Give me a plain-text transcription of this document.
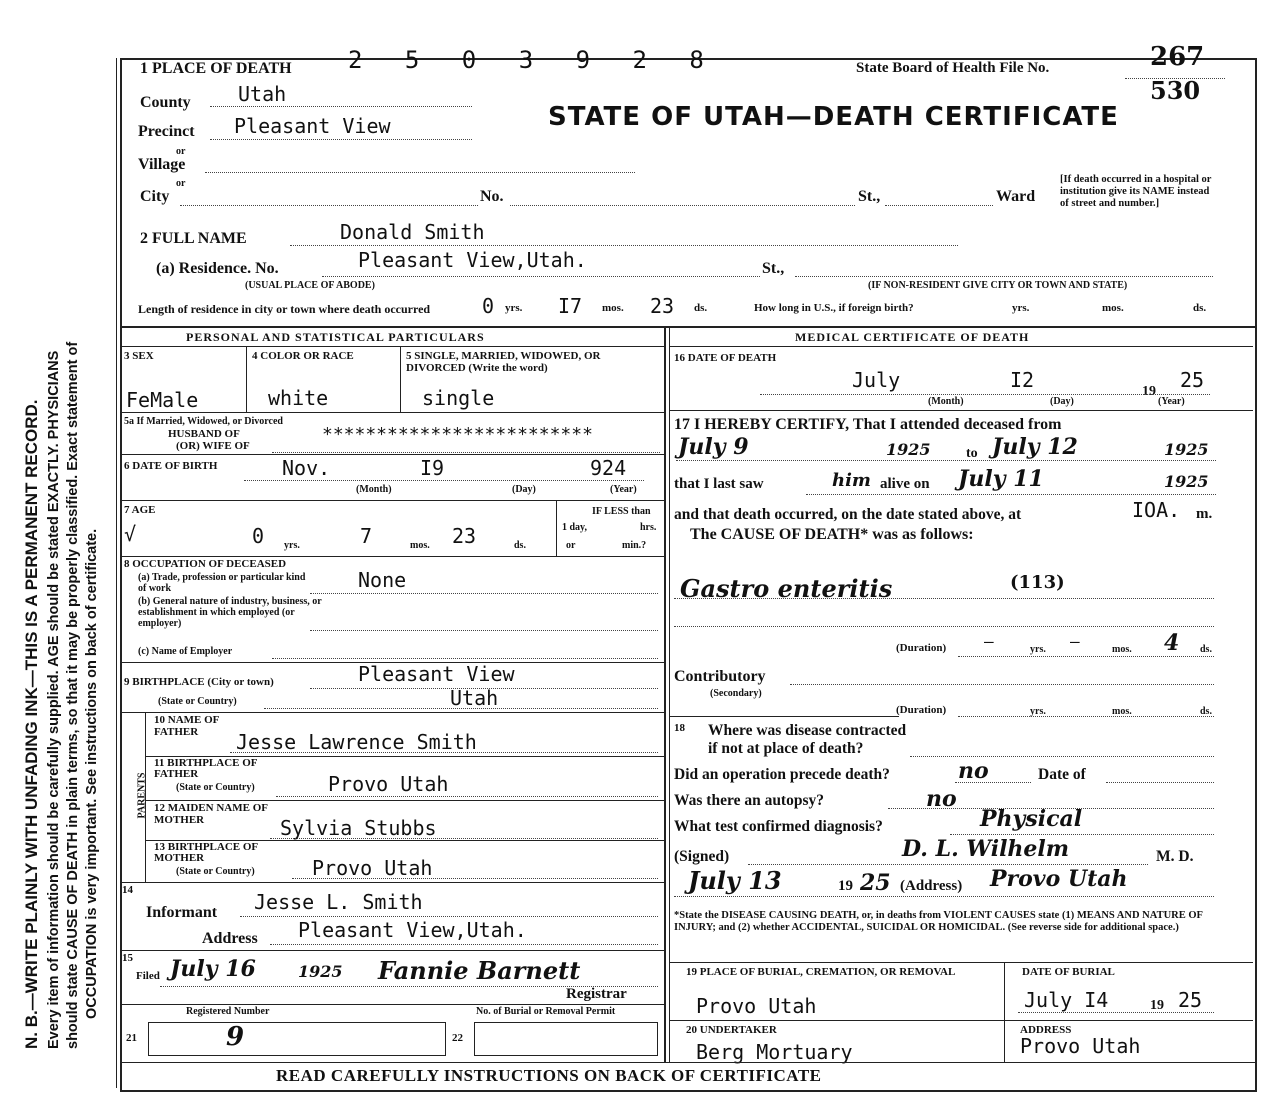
N. B.—WRITE PLAINLY WITH UNFADING INK—THIS IS A PERMANENT RECORD. Every item of information should be carefully supplied. AGE should be stated EXACTLY. PHYSICIANS should state CAUSE OF DEATH in plain terms, so that it may be properly classified. Exact statement of OCCUPATION is very important. See instructions on back of certificate.
1 PLACE OF DEATH 2 5 0 3 9 2 8	State Board of Health File No.	267
530
STATE OF UTAH—DEATH CERTIFICATE
County Utah
Precinct Pleasant View
or
Village
or
City	No.	St.,	Ward
[If death occurred in a hospital or institution give its NAME instead of street and number.]
2 FULL NAME	Donald Smith
(a) Residence. No.	Pleasant View,Utah.	St.,
(USUAL PLACE OF ABODE)	(IF NON-RESIDENT GIVE CITY OR TOWN AND STATE)
Length of residence in city or town where death occurred	0 yrs. I7 mos. 23 ds.	How long in U.S., if foreign birth?	yrs.	mos.	ds.
PERSONAL AND STATISTICAL PARTICULARS
3 SEX	4 COLOR OR RACE	5 SINGLE, MARRIED, WIDOWED, OR DIVORCED (Write the word)
FeMale	white	single
5a If Married, Widowed, or Divorced
HUSBAND OF
(OR) WIFE OF
*************************
6 DATE OF BIRTH	Nov.	I9	924
(Month)	(Day)	(Year)
7 AGE
√	0 yrs.	7	mos. 23	ds.
IF LESS than
1 day,	hrs.
or	min.?
8 OCCUPATION OF DECEASED
(a) Trade, profession or particular kind of work	None
(b) General nature of industry, business, or establishment in which employed (or employer)
(c) Name of Employer
9 BIRTHPLACE (City or town)	Pleasant View
(State or Country)	Utah
PARENTS
10 NAME OF FATHER	Jesse Lawrence Smith
11 BIRTHPLACE OF FATHER
(State or Country)	Provo Utah
12 MAIDEN NAME OF MOTHER	Sylvia Stubbs
13 BIRTHPLACE OF MOTHER
(State or Country)	Provo Utah
14
Informant Jesse L. Smith
Address Pleasant View,Utah.
15
Filed July 16	1925 Fannie Barnett
Registrar
Registered Number	No. of Burial or Removal Permit
21	9	22
MEDICAL CERTIFICATE OF DEATH
16 DATE OF DEATH
July	I2	19 25
(Month)	(Day)	(Year)
17 I HEREBY CERTIFY, That I attended deceased from
July 9	1925	to July 12	1925
that I last saw	him alive on July 11	1925
and that death occurred, on the date stated above, at	IOA. m.
The CAUSE OF DEATH* was as follows:
Gastro enteritis	(113)
(Duration) —	yrs. —	mos. 4 ds.
Contributory
(Secondary)
(Duration)	yrs.	mos.	ds.
18 Where was disease contracted
if not at place of death?
Did an operation precede death?	no	Date of
Was there an autopsy?	no
What test confirmed diagnosis?	Physical
(Signed)	D. L. Wilhelm	M. D.
July 13	19 25 (Address) Provo Utah
*State the DISEASE CAUSING DEATH, or, in deaths from VIOLENT CAUSES state (1) MEANS AND NATURE OF INJURY; and (2) whether ACCIDENTAL, SUICIDAL OR HOMICIDAL. (See reverse side for additional space.)
19 PLACE OF BURIAL, CREMATION, OR REMOVAL	DATE OF BURIAL
Provo Utah	July I4	19 25
20 UNDERTAKER
Berg Mortuary
ADDRESS
Provo Utah
READ CAREFULLY INSTRUCTIONS ON BACK OF CERTIFICATE
